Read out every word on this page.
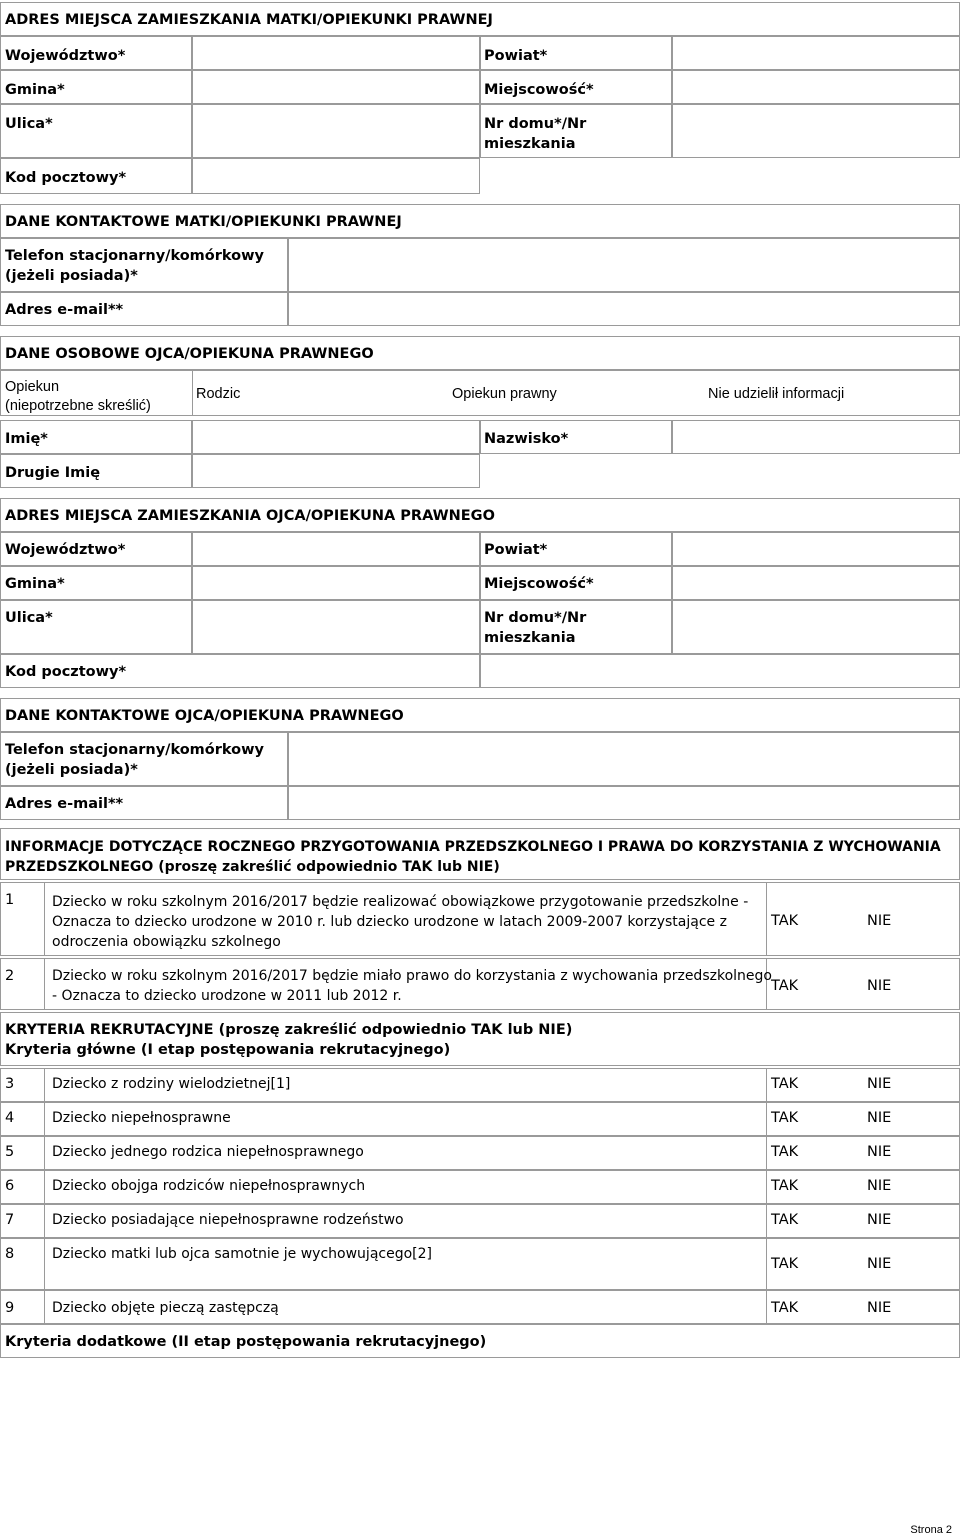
ADRES MIEJSCA ZAMIESZKANIA MATKI/OPIEKUNKI PRAWNEJ
Województwo*	Powiat*
Gmina*	Miejscowość*
Ulica*	Nr domu*/Nr
mieszkania
Kod pocztowy*
DANE KONTAKTOWE MATKI/OPIEKUNKI PRAWNEJ
Telefon stacjonarny/komórkowy
(jeżeli posiada)*
Adres e-mail**
DANE OSOBOWE OJCA/OPIEKUNA PRAWNEGO
Opiekun
(niepotrzebne skreślić)
Rodzic	Opiekun prawny	Nie udzielił informacji
Imię*	Nazwisko*
Drugie Imię
ADRES MIEJSCA ZAMIESZKANIA OJCA/OPIEKUNA PRAWNEGO
Województwo*	Powiat*
Gmina*	Miejscowość*
Ulica*	Nr domu*/Nr
mieszkania
Kod pocztowy*
DANE KONTAKTOWE OJCA/OPIEKUNA PRAWNEGO
Telefon stacjonarny/komórkowy
(jeżeli posiada)*
Adres e-mail**
INFORMACJE DOTYCZĄCE ROCZNEGO PRZYGOTOWANIA PRZEDSZKOLNEGO I PRAWA DO KORZYSTANIA Z WYCHOWANIA
PRZEDSZKOLNEGO (proszę zakreślić odpowiednio TAK lub NIE)
1	Dziecko w roku szkolnym 2016/2017 będzie realizować obowiązkowe przygotowanie przedszkolne -
Oznacza to dziecko urodzone w 2010 r. lub dziecko urodzone w latach 2009-2007 korzystające z
odroczenia obowiązku szkolnego
TAK	NIE
2	Dziecko w roku szkolnym 2016/2017 będzie miało prawo do korzystania z wychowania przedszkolnego
- Oznacza to dziecko urodzone w 2011 lub 2012 r.
TAK	NIE
KRYTERIA REKRUTACYJNE (proszę zakreślić odpowiednio TAK lub NIE)
Kryteria główne (I etap postępowania rekrutacyjnego)
3	Dziecko z rodziny wielodzietnej[1]	TAK	NIE
4	Dziecko niepełnosprawne	TAK	NIE
5	Dziecko jednego rodzica niepełnosprawnego	TAK	NIE
6	Dziecko obojga rodziców niepełnosprawnych	TAK	NIE
7	Dziecko posiadające niepełnosprawne rodzeństwo	TAK	NIE
8	Dziecko matki lub ojca samotnie je wychowującego[2]
TAK	NIE
9	Dziecko objęte pieczą zastępczą	TAK	NIE
Kryteria dodatkowe (II etap postępowania rekrutacyjnego)
Strona 2
